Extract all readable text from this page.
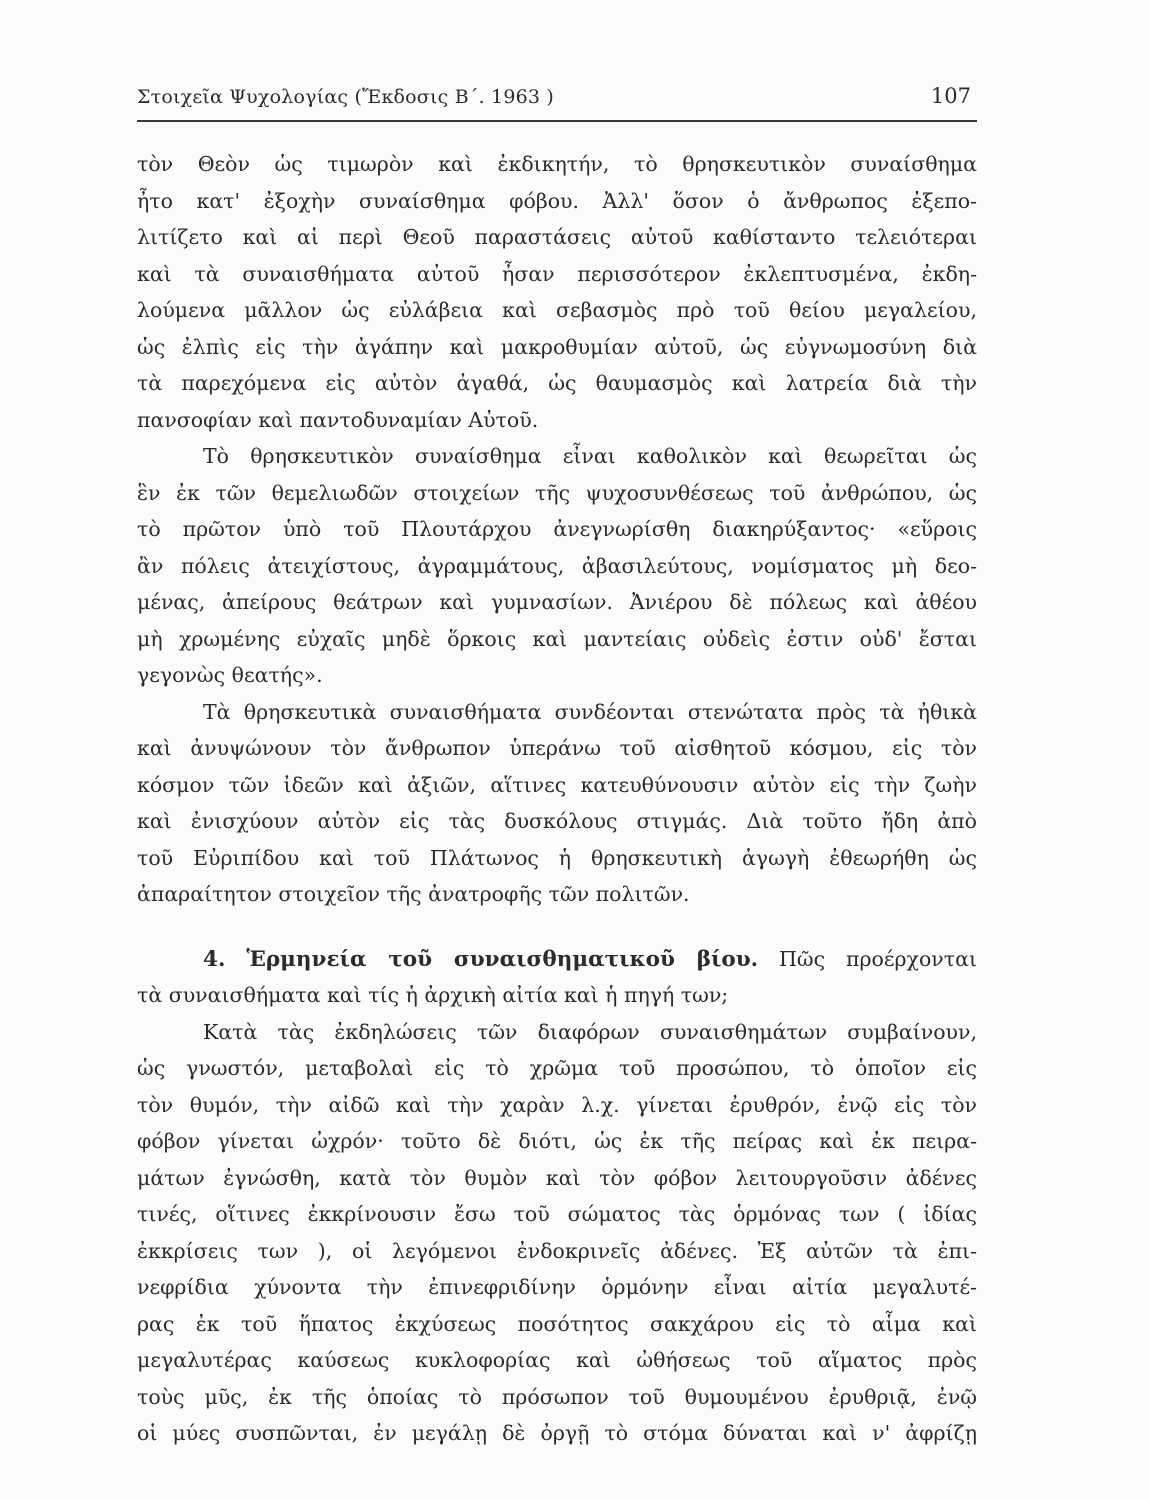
Στοιχεῖα Ψυχολογίας (Ἔκδοσις Β΄. 1963 )	107
τὸν Θεὸν ὡς τιμωρὸν καὶ ἐκδικητήν, τὸ θρησκευτικὸν συναίσθημα
ἦτο κατ' ἐξοχὴν συναίσθημα φόβου. Ἀλλ' ὅσον ὁ ἄνθρωπος ἐξεπο-
λιτίζετο καὶ αἱ περὶ Θεοῦ παραστάσεις αὐτοῦ καθίσταντο τελειότεραι
καὶ τὰ συναισθήματα αὐτοῦ ἦσαν περισσότερον ἐκλεπτυσμένα, ἐκδη-
λούμενα μᾶλλον ὡς εὐλάβεια καὶ σεβασμὸς πρὸ τοῦ θείου μεγαλείου,
ὡς ἐλπὶς εἰς τὴν ἀγάπην καὶ μακροθυμίαν αὐτοῦ, ὡς εὐγνωμοσύνη διὰ
τὰ παρεχόμενα εἰς αὐτὸν ἀγαθά, ὡς θαυμασμὸς καὶ λατρεία διὰ τὴν
πανσοφίαν καὶ παντοδυναμίαν Αὐτοῦ.
Τὸ θρησκευτικὸν συναίσθημα εἶναι καθολικὸν καὶ θεωρεῖται ὡς
ἓν ἐκ τῶν θεμελιωδῶν στοιχείων τῆς ψυχοσυνθέσεως τοῦ ἀνθρώπου, ὡς
τὸ πρῶτον ὑπὸ τοῦ Πλουτάρχου ἀνεγνωρίσθη διακηρύξαντος· «εὕροις
ἂν πόλεις ἀτειχίστους, ἀγραμμάτους, ἀβασιλεύτους, νομίσματος μὴ δεο-
μένας, ἀπείρους θεάτρων καὶ γυμνασίων. Ἀνιέρου δὲ πόλεως καὶ ἀθέου
μὴ χρωμένης εὐχαῖς μηδὲ ὅρκοις καὶ μαντείαις οὐδεὶς ἐστιν οὐδ' ἔσται
γεγονὼς θεατής».
Τὰ θρησκευτικὰ συναισθήματα συνδέονται στενώτατα πρὸς τὰ ἠθικὰ
καὶ ἀνυψώνουν τὸν ἄνθρωπον ὑπεράνω τοῦ αἰσθητοῦ κόσμου, εἰς τὸν
κόσμον τῶν ἰδεῶν καὶ ἀξιῶν, αἵτινες κατευθύνουσιν αὐτὸν εἰς τὴν ζωὴν
καὶ ἐνισχύουν αὐτὸν εἰς τὰς δυσκόλους στιγμάς. Διὰ τοῦτο ἤδη ἀπὸ
τοῦ Εὐριπίδου καὶ τοῦ Πλάτωνος ἡ θρησκευτικὴ ἀγωγὴ ἐθεωρήθη ὡς
ἀπαραίτητον στοιχεῖον τῆς ἀνατροφῆς τῶν πολιτῶν.
4. Ἑρμηνεία τοῦ συναισθηματικοῦ βίου. Πῶς προέρχονται
τὰ συναισθήματα καὶ τίς ἡ ἀρχικὴ αἰτία καὶ ἡ πηγή των;
Κατὰ τὰς ἐκδηλώσεις τῶν διαφόρων συναισθημάτων συμβαίνουν,
ὡς γνωστόν, μεταβολαὶ εἰς τὸ χρῶμα τοῦ προσώπου, τὸ ὁποῖον εἰς
τὸν θυμόν, τὴν αἰδῶ καὶ τὴν χαρὰν λ.χ. γίνεται ἐρυθρόν, ἐνῷ εἰς τὸν
φόβον γίνεται ὠχρόν· τοῦτο δὲ διότι, ὡς ἐκ τῆς πείρας καὶ ἐκ πειρα-
μάτων ἐγνώσθη, κατὰ τὸν θυμὸν καὶ τὸν φόβον λειτουργοῦσιν ἀδένες
τινές, οἵτινες ἐκκρίνουσιν ἔσω τοῦ σώματος τὰς ὁρμόνας των ( ἰδίας
ἐκκρίσεις των ), οἱ λεγόμενοι ἐνδοκρινεῖς ἀδένες. Ἐξ αὐτῶν τὰ ἐπι-
νεφρίδια χύνοντα τὴν ἐπινεφριδίνην ὁρμόνην εἶναι αἰτία μεγαλυτέ-
ρας ἐκ τοῦ ἥπατος ἐκχύσεως ποσότητος σακχάρου εἰς τὸ αἷμα καὶ
μεγαλυτέρας καύσεως κυκλοφορίας καὶ ὠθήσεως τοῦ αἵματος πρὸς
τοὺς μῦς, ἐκ τῆς ὁποίας τὸ πρόσωπον τοῦ θυμουμένου ἐρυθριᾷ, ἐνῷ
οἱ μύες συσπῶνται, ἐν μεγάλῃ δὲ ὀργῇ τὸ στόμα δύναται καὶ ν' ἀφρίζῃ
